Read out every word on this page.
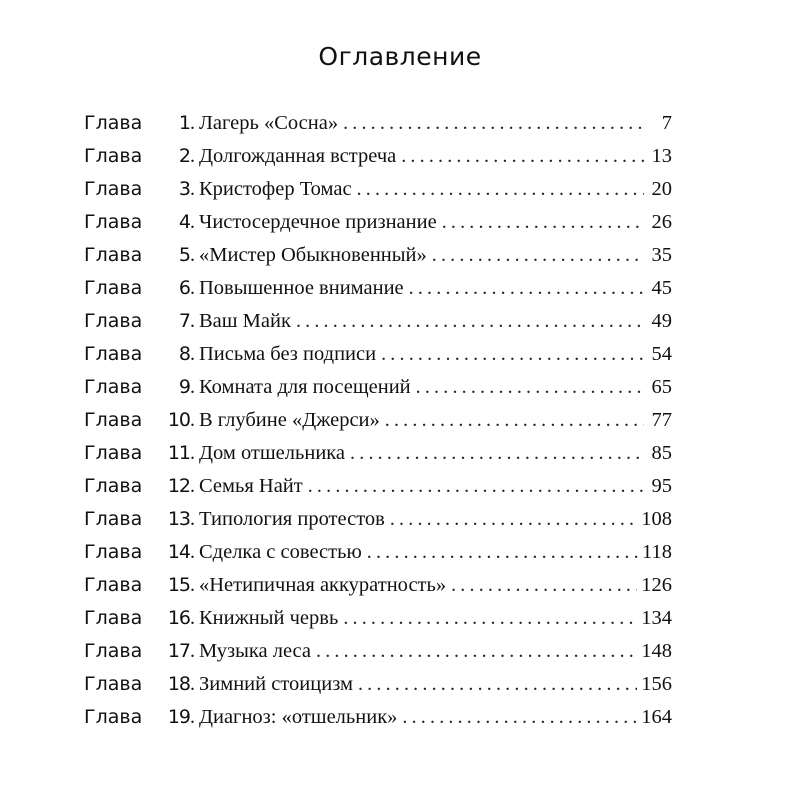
Оглавление
Глава	1 . Лагерь «Сосна» .....	7
Глава	2 . Долгожданная встреча .....	13
Глава	3 . Кристофер Томас .....	20
Глава	4 . Чистосердечное признание .....	26
Глава	5 . «Мистер Обыкновенный» .....	35
Глава	6 . Повышенное внимание .....	45
Глава	7 . Ваш Майк .....	49
Глава	8 . Письма без подписи .....	54
Глава	9 . Комната для посещений .....	65
Глава	10 . В глубине «Джерси» .....	77
Глава	11 . Дом отшельника .....	85
Глава	12 . Семья Найт .....	95
Глава	13 . Типология протестов .....	108
Глава	14 . Сделка с совестью .....	118
Глава	15 . «Нетипичная аккуратность» .....	126
Глава	16 . Книжный червь .....	134
Глава	17 . Музыка леса .....	148
Глава	18 . Зимний стоицизм .....	156
Глава	19 . Диагноз: «отшельник» .....	164
